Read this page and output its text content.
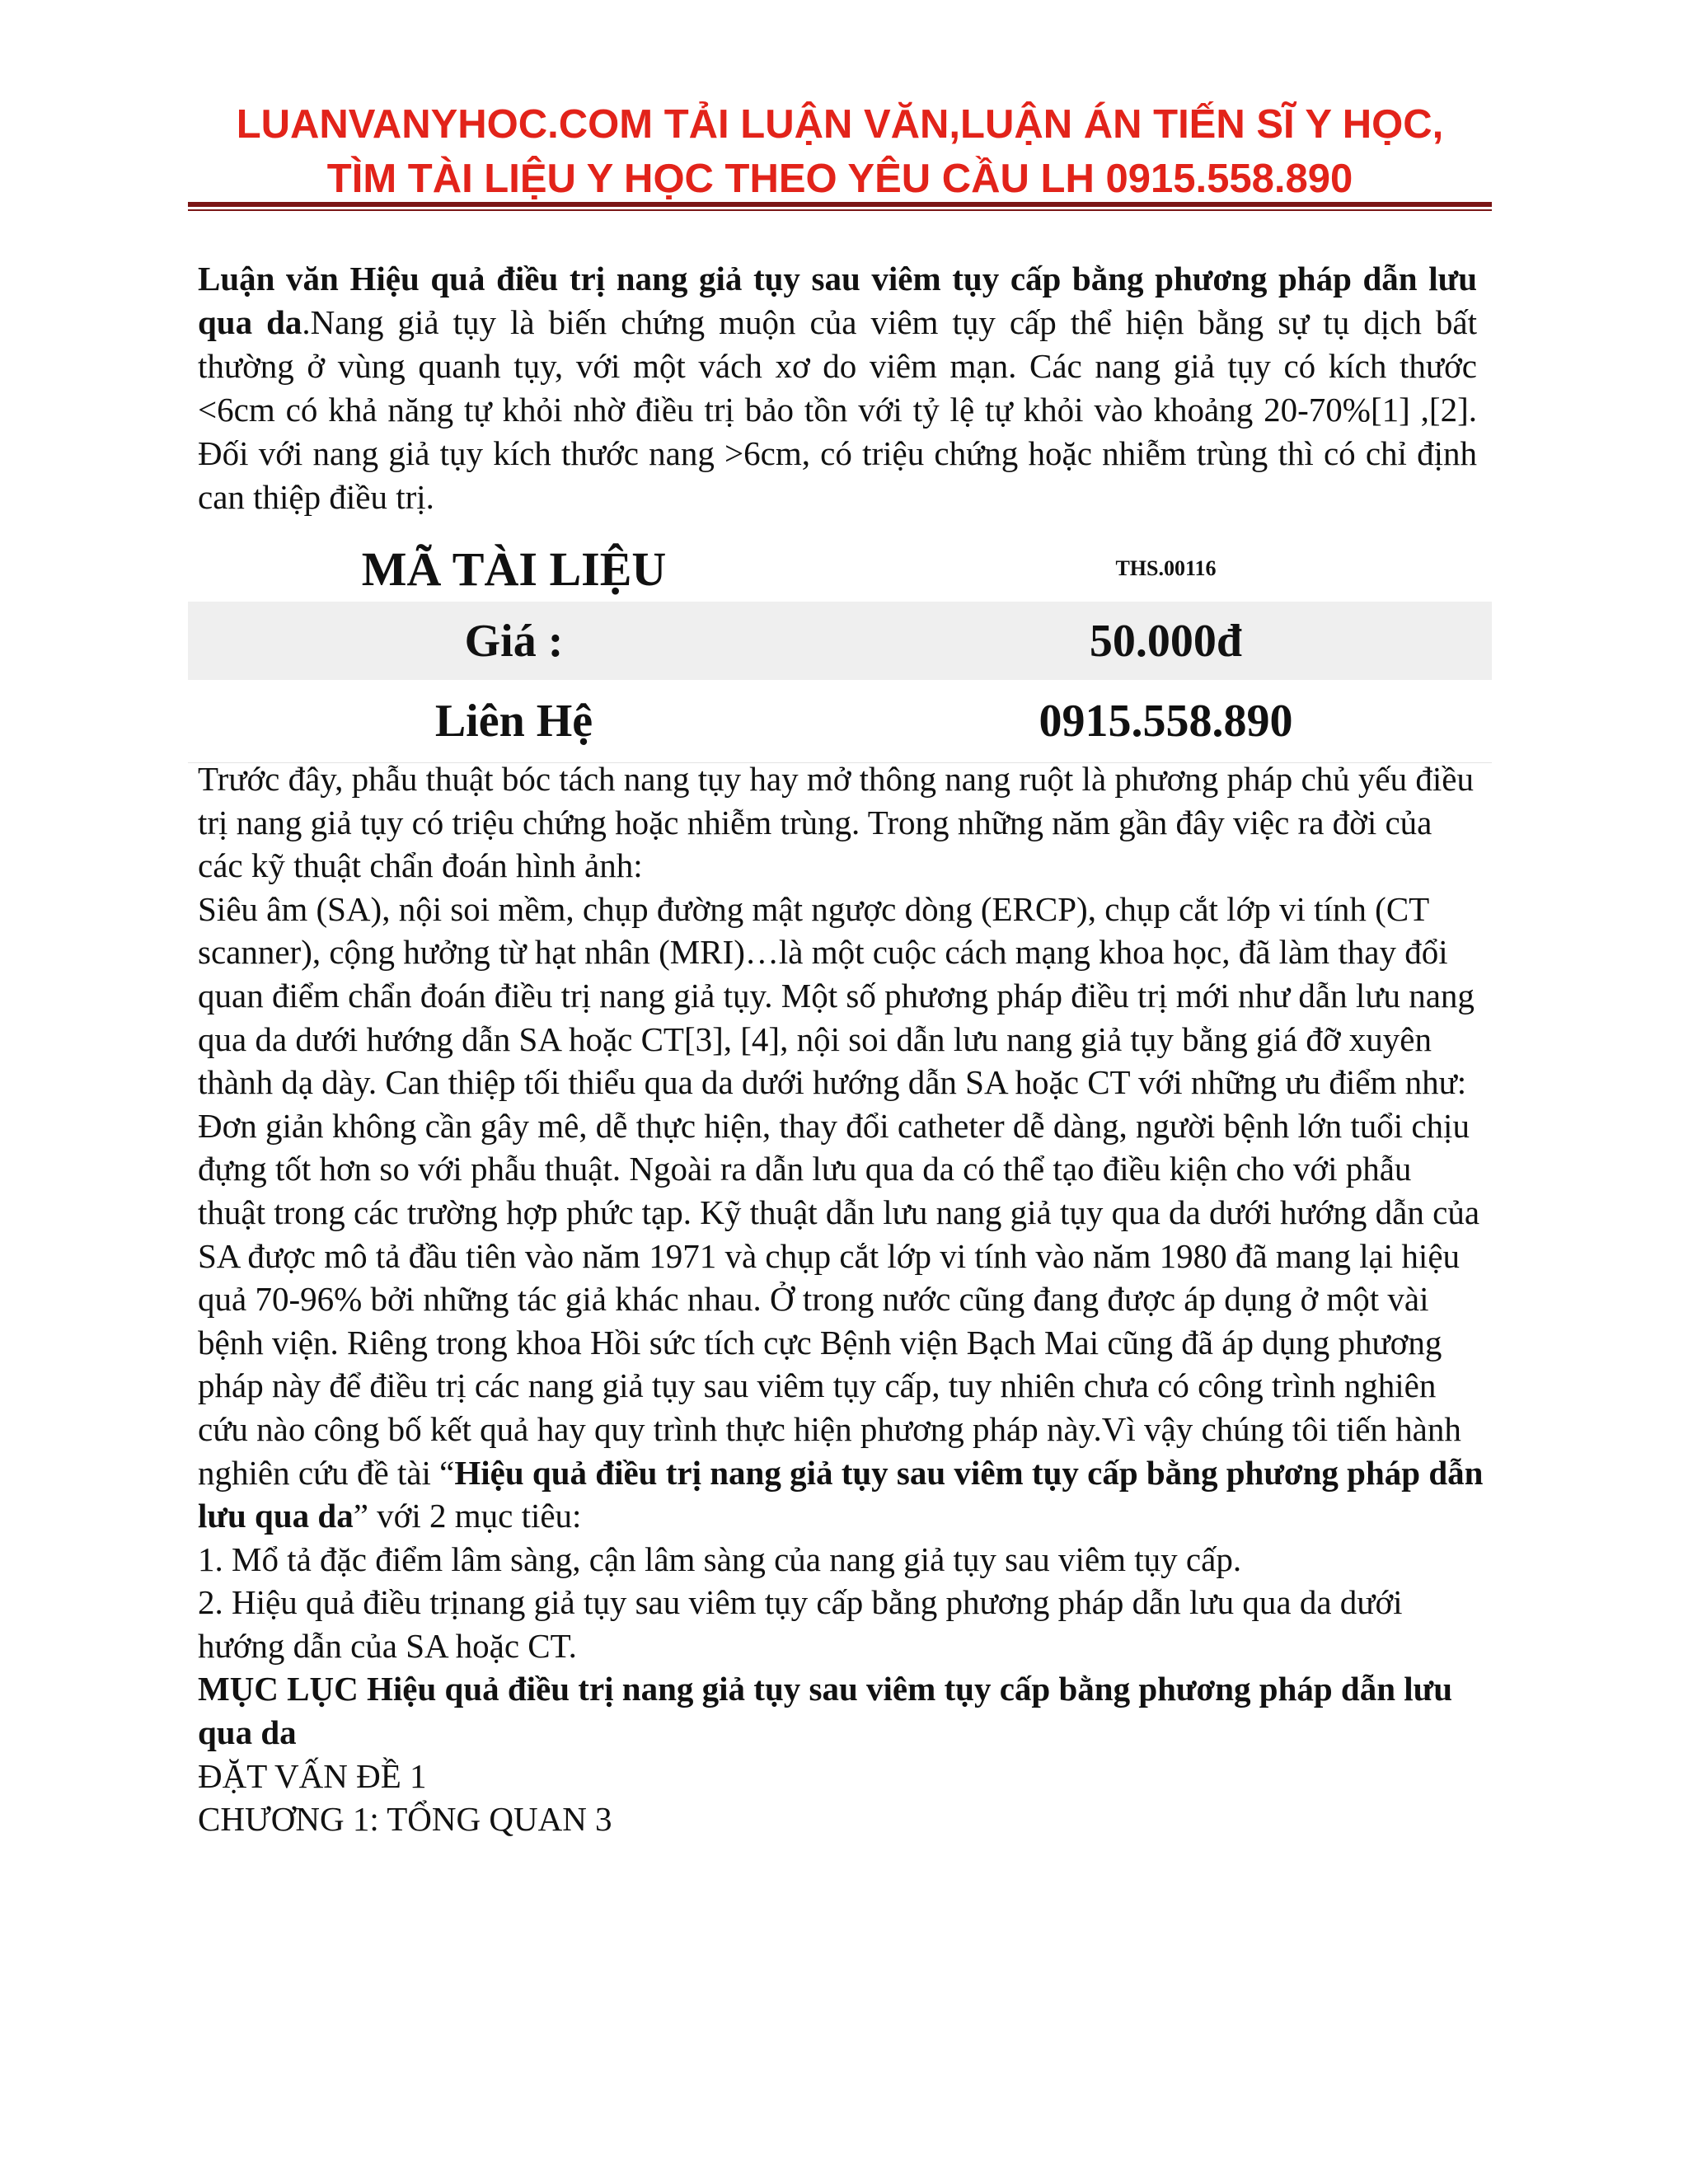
LUANVANYHOC.COM TẢI LUẬN VĂN,LUẬN ÁN TIẾN SĨ Y HỌC,
TÌM TÀI LIỆU Y HỌC THEO YÊU CẦU LH 0915.558.890
Luận văn Hiệu quả điều trị nang giả tụy sau viêm tụy cấp bằng phương pháp dẫn lưu qua da.Nang giả tụy là biến chứng muộn của viêm tụy cấp thể hiện bằng sự tụ dịch bất thường ở vùng quanh tụy, với một vách xơ do viêm mạn. Các nang giả tụy có kích thước <6cm có khả năng tự khỏi nhờ điều trị bảo tồn với tỷ lệ tự khỏi vào khoảng 20-70%[1] ,[2]. Đối với nang giả tụy kích thước nang >6cm, có triệu chứng hoặc nhiễm trùng thì có chỉ định can thiệp điều trị.
MÃ TÀI LIỆU	THS.00116
Giá :	50.000đ
Liên Hệ	0915.558.890

Trước đây, phẫu thuật bóc tách nang tụy hay mở thông nang ruột là phương pháp chủ yếu điều trị nang giả tụy có triệu chứng hoặc nhiễm trùng. Trong những năm gần đây việc ra đời của các kỹ thuật chẩn đoán hình ảnh:

Siêu âm (SA), nội soi mềm, chụp đường mật ngược dòng (ERCP), chụp cắt lớp vi tính (CT scanner), cộng hưởng từ hạt nhân (MRI)…là một cuộc cách mạng khoa học, đã làm thay đổi quan điểm chẩn đoán điều trị nang giả tụy. Một số phương pháp điều trị mới như dẫn lưu nang qua da dưới hướng dẫn SA hoặc CT[3], [4], nội soi dẫn lưu nang giả tụy bằng giá đỡ xuyên thành dạ dày. Can thiệp tối thiểu qua da dưới hướng dẫn SA hoặc CT với những ưu điểm như: Đơn giản không cần gây mê, dễ thực hiện, thay đổi catheter dễ dàng, người bệnh lớn tuổi chịu đựng tốt hơn so với phẫu thuật. Ngoài ra dẫn lưu qua da có thể tạo điều kiện cho với phẫu thuật trong các trường hợp phức tạp. Kỹ thuật dẫn lưu nang giả tụy qua da dưới hướng dẫn của SA được mô tả đầu tiên vào năm 1971 và chụp cắt lớp vi tính vào năm 1980 đã mang lại hiệu quả 70-96% bởi những tác giả khác nhau. Ở trong nước cũng đang được áp dụng ở một vài bệnh viện. Riêng trong khoa Hồi sức tích cực Bệnh viện Bạch Mai cũng đã áp dụng phương pháp này để điều trị các nang giả tụy sau viêm tụy cấp, tuy nhiên chưa có công trình nghiên cứu nào công bố kết quả hay quy trình thực hiện phương pháp này.Vì vậy chúng tôi tiến hành nghiên cứu đề tài “Hiệu quả điều trị nang giả tụy sau viêm tụy cấp bằng phương pháp dẫn lưu qua da” với 2 mục tiêu:

1. Mổ tả đặc điểm lâm sàng, cận lâm sàng của nang giả tụy sau viêm tụy cấp.

2. Hiệu quả điều trịnang giả tụy sau viêm tụy cấp bằng phương pháp dẫn lưu qua da dưới hướng dẫn của SA hoặc CT.

MỤC LỤC Hiệu quả điều trị nang giả tụy sau viêm tụy cấp bằng phương pháp dẫn lưu qua da

ĐẶT VẤN ĐỀ 1

CHƯƠNG 1: TỔNG QUAN 3
